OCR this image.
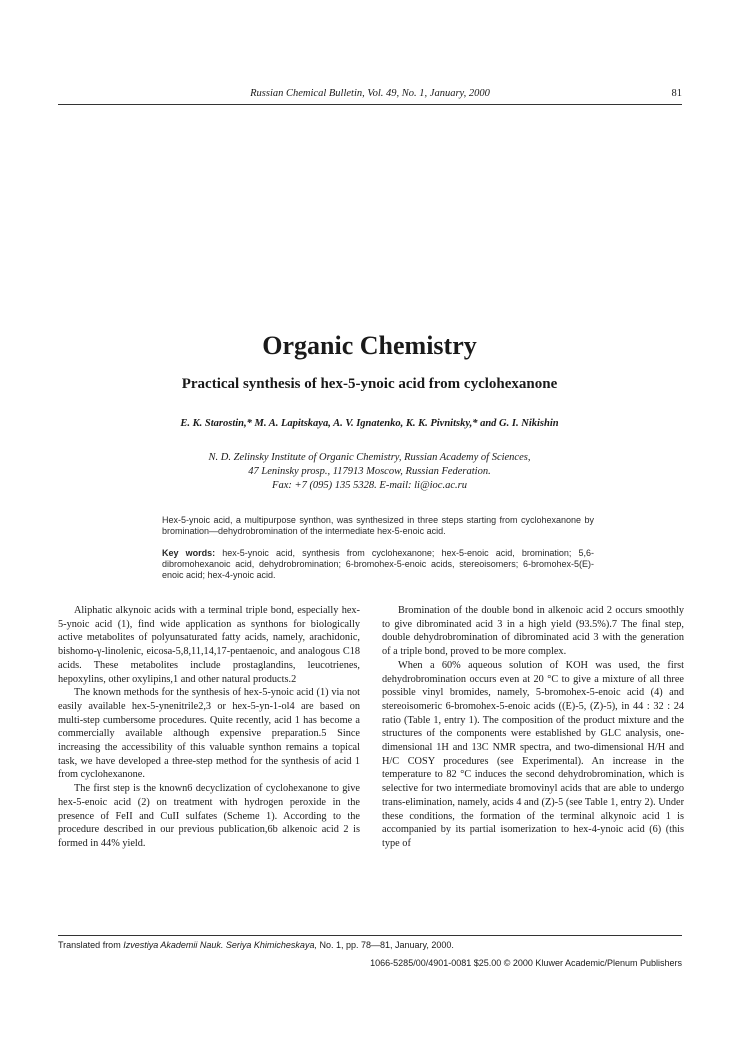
Russian Chemical Bulletin, Vol. 49, No. 1, January, 2000	81
Organic Chemistry
Practical synthesis of hex-5-ynoic acid from cyclohexanone
E. K. Starostin,* M. A. Lapitskaya, A. V. Ignatenko, K. K. Pivnitsky,* and G. I. Nikishin
N. D. Zelinsky Institute of Organic Chemistry, Russian Academy of Sciences,
47 Leninsky prosp., 117913 Moscow, Russian Federation.
Fax: +7 (095) 135 5328. E-mail: li@ioc.ac.ru
Hex-5-ynoic acid, a multipurpose synthon, was synthesized in three steps starting from cyclohexanone by bromination—dehydrobromination of the intermediate hex-5-enoic acid.
Key words: hex-5-ynoic acid, synthesis from cyclohexanone; hex-5-enoic acid, bromination; 5,6-dibromohexanoic acid, dehydrobromination; 6-bromohex-5-enoic acids, stereoisomers; 6-bromohex-5(E)-enoic acid; hex-4-ynoic acid.

Aliphatic alkynoic acids with a terminal triple bond, especially hex-5-ynoic acid (1), find wide application as synthons for biologically active metabolites of polyunsaturated fatty acids, namely, arachidonic, bishomo-γ-linolenic, eicosa-5,8,11,14,17-pentaenoic, and analogous C18 acids. These metabolites include prostaglandins, leucotrienes, hepoxylins, other oxylipins,1 and other natural products.2

The known methods for the synthesis of hex-5-ynoic acid (1) via not easily available hex-5-ynenitrile2,3 or hex-5-yn-1-ol4 are based on multi-step cumbersome procedures. Quite recently, acid 1 has become a commercially available although expensive preparation.5 Since increasing the accessibility of this valuable synthon remains a topical task, we have developed a three-step method for the synthesis of acid 1 from cyclohexanone.

The first step is the known6 decyclization of cyclohexanone to give hex-5-enoic acid (2) on treatment with hydrogen peroxide in the presence of FeII and CuII sulfates (Scheme 1). According to the procedure described in our previous publication,6b alkenoic acid 2 is formed in 44% yield.

Bromination of the double bond in alkenoic acid 2 occurs smoothly to give dibrominated acid 3 in a high yield (93.5%).7 The final step, double dehydrobromination of dibrominated acid 3 with the generation of a triple bond, proved to be more complex.

When a 60% aqueous solution of KOH was used, the first dehydrobromination occurs even at 20 °C to give a mixture of all three possible vinyl bromides, namely, 5-bromohex-5-enoic acid (4) and stereoisomeric 6-bromohex-5-enoic acids ((E)-5, (Z)-5), in 44 : 32 : 24 ratio (Table 1, entry 1). The composition of the product mixture and the structures of the components were established by GLC analysis, one-dimensional 1H and 13C NMR spectra, and two-dimensional H/H and H/C COSY procedures (see Experimental). An increase in the temperature to 82 °C induces the second dehydrobromination, which is selective for two intermediate bromovinyl acids that are able to undergo trans-elimination, namely, acids 4 and (Z)-5 (see Table 1, entry 2). Under these conditions, the formation of the terminal alkynoic acid 1 is accompanied by its partial isomerization to hex-4-ynoic acid (6) (this type of

Translated from Izvestiya Akademii Nauk. Seriya Khimicheskaya, No. 1, pp. 78—81, January, 2000.
1066-5285/00/4901-0081 $25.00 © 2000 Kluwer Academic/Plenum Publishers
